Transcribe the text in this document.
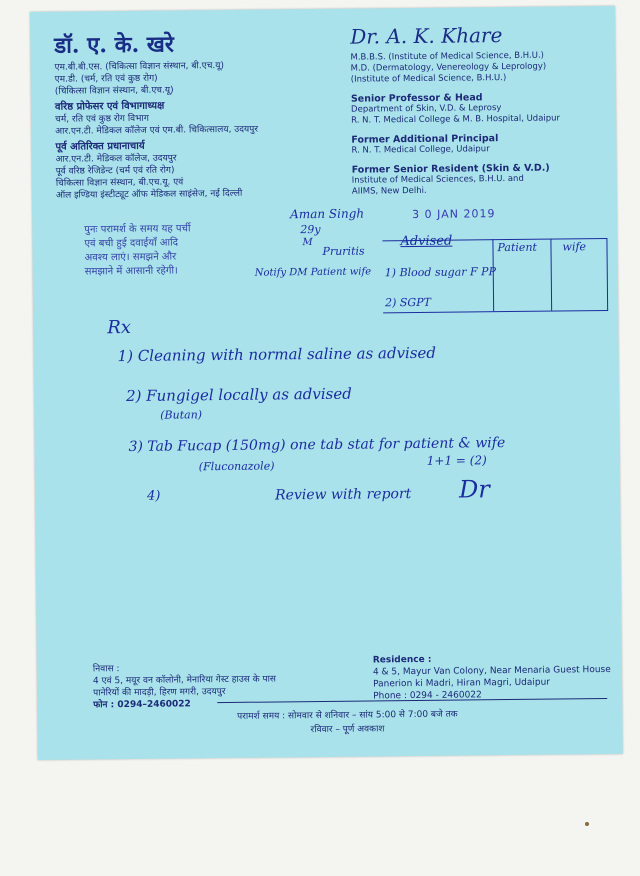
डॉ. ए. के. खरे
एम.बी.बी.एस. (चिकित्सा विज्ञान संस्थान, बी.एच.यू)
एम.डी. (चर्म, रति एवं कुष्ठ रोग)
(चिकित्सा विज्ञान संस्थान, बी.एच.यू)
वरिष्ठ प्रोफेसर एवं विभागाध्यक्ष
चर्म, रति एवं कुष्ठ रोग विभाग
आर.एन.टी. मेडिकल कॉलेज एवं एम.बी. चिकित्सालय, उदयपुर
पूर्व अतिरिक्त प्रधानाचार्य
आर.एन.टी. मेडिकल कॉलेज, उदयपुर
पूर्व वरिष्ठ रेजिडेन्ट (चर्म एवं रति रोग)
चिकित्सा विज्ञान संस्थान, बी.एच.यू. एवं
ऑल इण्डिया इंस्टीट्यूट ऑफ मेडिकल साइंसेज, नई दिल्ली
Dr. A. K. Khare
M.B.B.S. (Institute of Medical Science, B.H.U.)
M.D. (Dermatology, Venereology & Leprology)
(Institute of Medical Science, B.H.U.)
Senior Professor & Head
Department of Skin, V.D. & Leprosy
R. N. T. Medical College & M. B. Hospital, Udaipur
Former Additional Principal
R. N. T. Medical College, Udaipur
Former Senior Resident (Skin & V.D.)
Institute of Medical Sciences, B.H.U. and
AIIMS, New Delhi.
पुनः परामर्श के समय यह पर्ची
एवं बची हुई दवाईयाँ आदि
अवश्य लाएं। समझने और
समझाने में आसानी रहेगी।
3 0 JAN 2019
Aman Singh
29y
M
Pruritis
Notify DM Patient wife
Advised	Patient wife
1) Blood sugar F PP
2) SGPT
Rx
1) Cleaning with normal saline as advised
2) Fungigel locally as advised
(Butan)
3) Tab Fucap (150mg) one tab stat for patient & wife
(Fluconazole)	1+1 = (2)
4)	Review with report Dr
निवास :
4 एवं 5, मयूर वन कॉलोनी, मेनारिया गेस्ट हाउस के पास
पानेरियों की मादड़ी, हिरण मगरी, उदयपुर
फोन : 0294–2460022
Residence :
4 & 5, Mayur Van Colony, Near Menaria Guest House
Panerion ki Madri, Hiran Magri, Udaipur
Phone : 0294 - 2460022
परामर्श समय : सोमवार से शनिवार – सांय 5:00 से 7:00 बजे तक
रविवार – पूर्ण अवकाश
